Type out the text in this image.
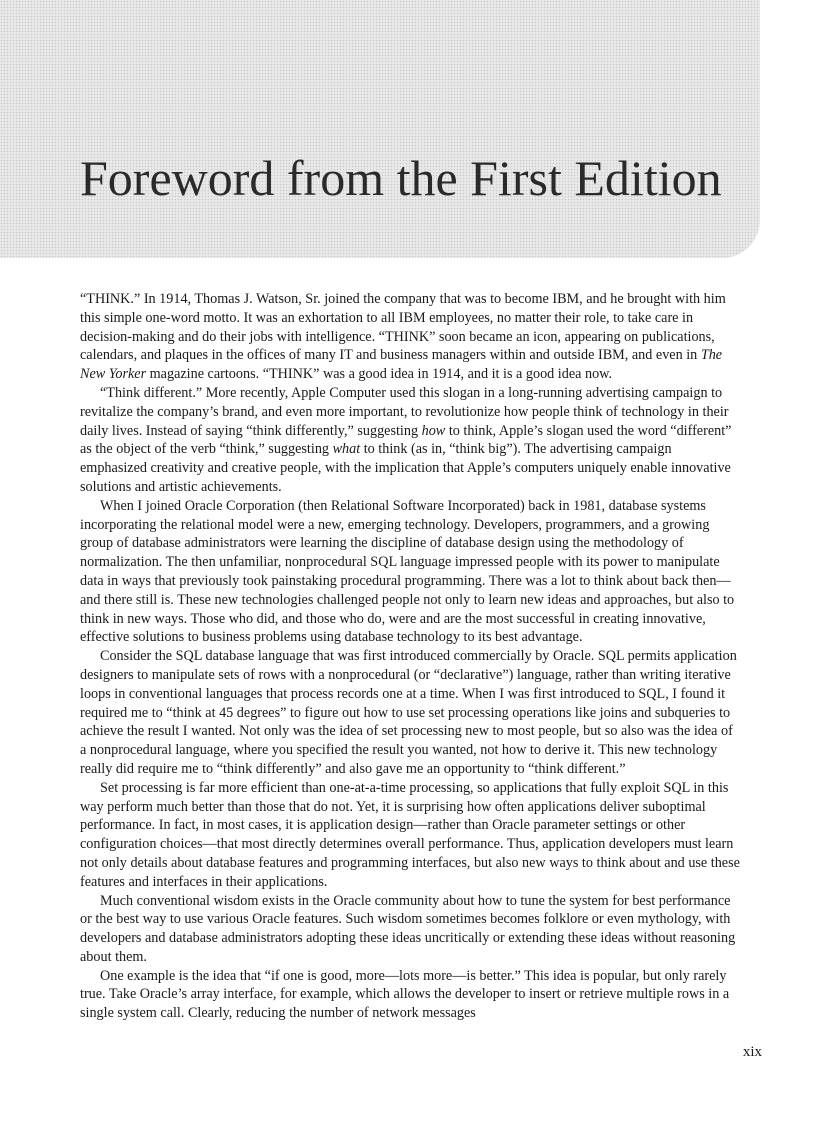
Foreword from the First Edition

“THINK.” In 1914, Thomas J. Watson, Sr. joined the company that was to become IBM, and he brought with him this simple one-word motto. It was an exhortation to all IBM employees, no matter their role, to take care in decision-making and do their jobs with intelligence. “THINK” soon became an icon, appearing on publications, calendars, and plaques in the offices of many IT and business managers within and outside IBM, and even in The New Yorker magazine cartoons. “THINK” was a good idea in 1914, and it is a good idea now.

“Think different.” More recently, Apple Computer used this slogan in a long-running advertising campaign to revitalize the company’s brand, and even more important, to revolutionize how people think of technology in their daily lives. Instead of saying “think differently,” suggesting how to think, Apple’s slogan used the word “different” as the object of the verb “think,” suggesting what to think (as in, “think big”). The advertising campaign emphasized creativity and creative people, with the implication that Apple’s computers uniquely enable innovative solutions and artistic achievements.

When I joined Oracle Corporation (then Relational Software Incorporated) back in 1981, database systems incorporating the relational model were a new, emerging technology. Developers, programmers, and a growing group of database administrators were learning the discipline of database design using the methodology of normalization. The then unfamiliar, nonprocedural SQL language impressed people with its power to manipulate data in ways that previously took painstaking procedural programming. There was a lot to think about back then—and there still is. These new technologies challenged people not only to learn new ideas and approaches, but also to think in new ways. Those who did, and those who do, were and are the most successful in creating innovative, effective solutions to business problems using database technology to its best advantage.

Consider the SQL database language that was first introduced commercially by Oracle. SQL permits application designers to manipulate sets of rows with a nonprocedural (or “declarative”) language, rather than writing iterative loops in conventional languages that process records one at a time. When I was first introduced to SQL, I found it required me to “think at 45 degrees” to figure out how to use set processing operations like joins and subqueries to achieve the result I wanted. Not only was the idea of set processing new to most people, but so also was the idea of a nonprocedural language, where you specified the result you wanted, not how to derive it. This new technology really did require me to “think differently” and also gave me an opportunity to “think different.”

Set processing is far more efficient than one-at-a-time processing, so applications that fully exploit SQL in this way perform much better than those that do not. Yet, it is surprising how often applications deliver suboptimal performance. In fact, in most cases, it is application design—rather than Oracle parameter settings or other configuration choices—that most directly determines overall performance. Thus, application developers must learn not only details about database features and programming interfaces, but also new ways to think about and use these features and interfaces in their applications.

Much conventional wisdom exists in the Oracle community about how to tune the system for best performance or the best way to use various Oracle features. Such wisdom sometimes becomes folklore or even mythology, with developers and database administrators adopting these ideas uncritically or extending these ideas without reasoning about them.

One example is the idea that “if one is good, more—lots more—is better.” This idea is popular, but only rarely true. Take Oracle’s array interface, for example, which allows the developer to insert or retrieve multiple rows in a single system call. Clearly, reducing the number of network messages

xix
